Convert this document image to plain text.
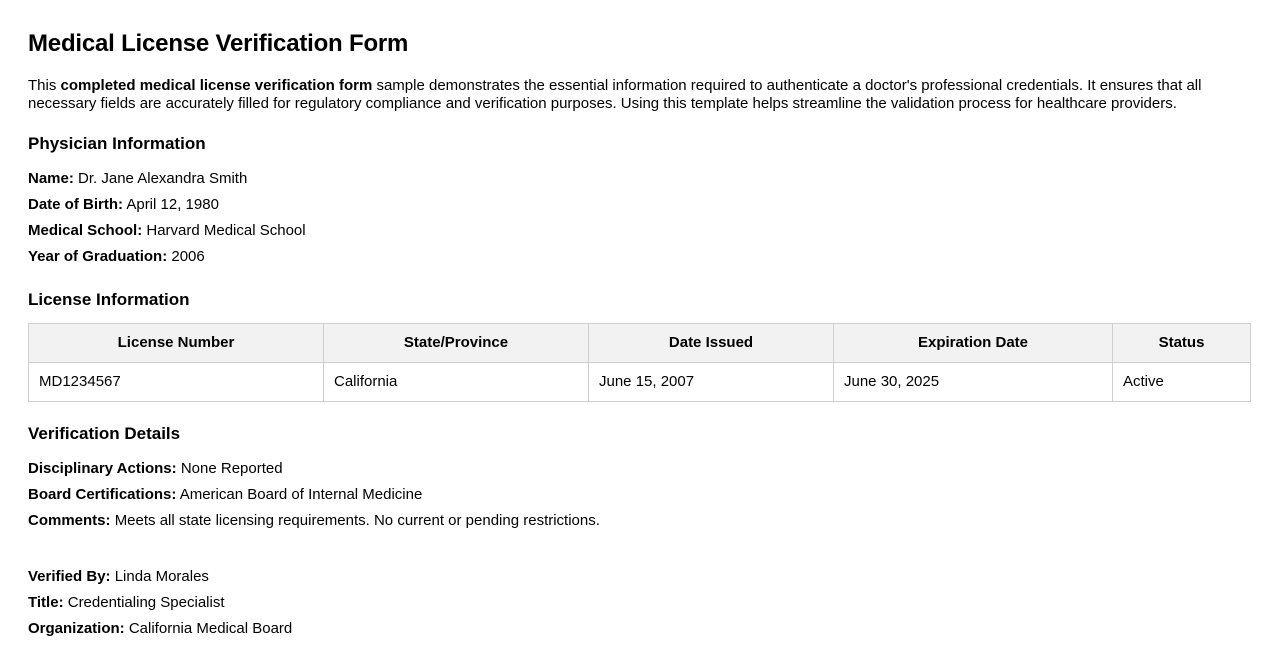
Medical License Verification Form

This completed medical license verification form sample demonstrates the essential information required to authenticate a doctor's professional credentials. It ensures that all necessary fields are accurately filled for regulatory compliance and verification purposes. Using this template helps streamline the validation process for healthcare providers.

Physician Information
Name: Dr. Jane Alexandra Smith
Date of Birth: April 12, 1980
Medical School: Harvard Medical School
Year of Graduation: 2006
License Information
License Number	State/Province	Date Issued	Expiration Date	Status
MD1234567	California	June 15, 2007	June 30, 2025	Active
Verification Details
Disciplinary Actions: None Reported
Board Certifications: American Board of Internal Medicine
Comments: Meets all state licensing requirements. No current or pending restrictions.
Verified By: Linda Morales
Title: Credentialing Specialist
Organization: California Medical Board
